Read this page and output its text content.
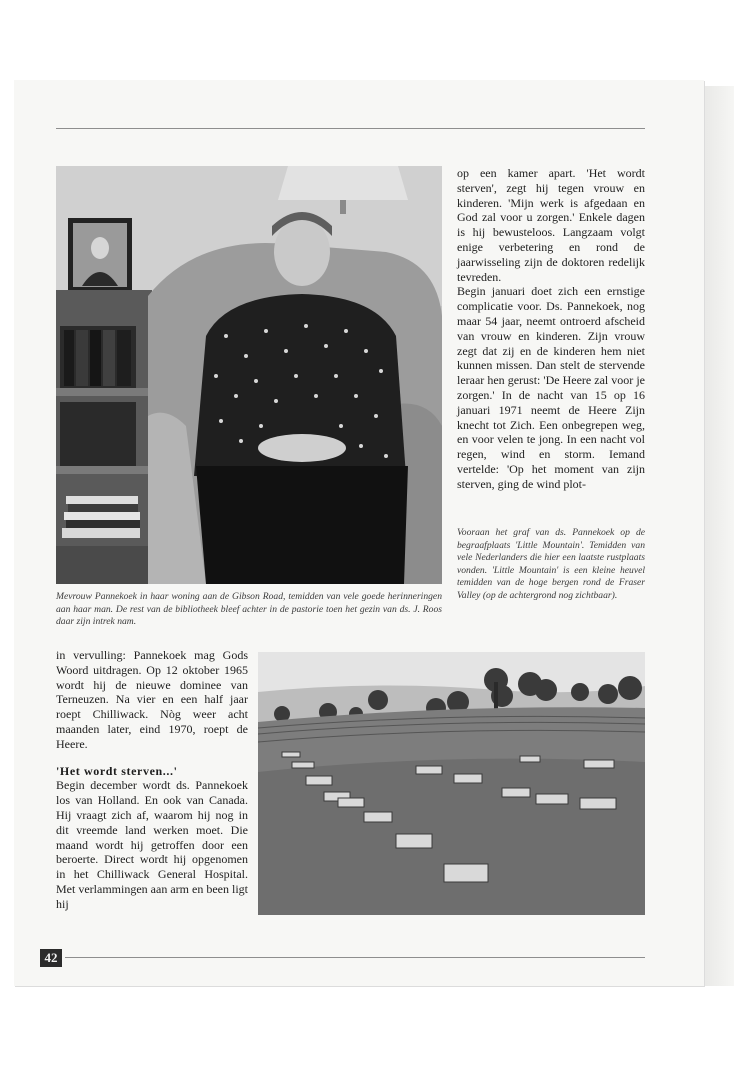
Mevrouw Pannekoek in haar woning aan de Gibson Road, temidden van vele goede herinneringen aan haar man. De rest van de bibliotheek bleef achter in de pastorie toen het gezin van ds. J. Roos daar zijn intrek nam.

op een kamer apart. 'Het wordt sterven', zegt hij tegen vrouw en kinderen. 'Mijn werk is afgedaan en God zal voor u zorgen.' Enkele dagen is hij bewusteloos. Langzaam volgt enige verbetering en rond de jaarwisseling zijn de doktoren redelijk tevreden.

Begin januari doet zich een ernstige complicatie voor. Ds. Pannekoek, nog maar 54 jaar, neemt ontroerd afscheid van vrouw en kinderen. Zijn vrouw zegt dat zij en de kinderen hem niet kunnen missen. Dan stelt de stervende leraar hen gerust: 'De Heere zal voor je zorgen.' In de nacht van 15 op 16 januari 1971 neemt de Heere Zijn knecht tot Zich. Een onbegrepen weg, en voor velen te jong. In een nacht vol regen, wind en storm. Iemand vertelde: 'Op het moment van zijn sterven, ging de wind plot-

Vooraan het graf van ds. Pannekoek op de begraafplaats 'Little Mountain'. Temidden van vele Nederlanders die hier een laatste rustplaats vonden. 'Little Mountain' is een kleine heuvel temidden van de hoge bergen rond de Fraser Valley (op de achtergrond nog zichtbaar).

in vervulling: Pannekoek mag Gods Woord uitdragen. Op 12 oktober 1965 wordt hij de nieuwe dominee van Terneuzen. Na vier en een half jaar roept Chilliwack. Nòg weer acht maanden later, eind 1970, roept de Heere.

'Het wordt sterven...'

Begin december wordt ds. Pannekoek los van Holland. En ook van Canada. Hij vraagt zich af, waarom hij nog in dit vreemde land werken moet. Die maand wordt hij getroffen door een beroerte. Direct wordt hij opgenomen in het Chilliwack General Hospital. Met verlammingen aan arm en been ligt hij

42
